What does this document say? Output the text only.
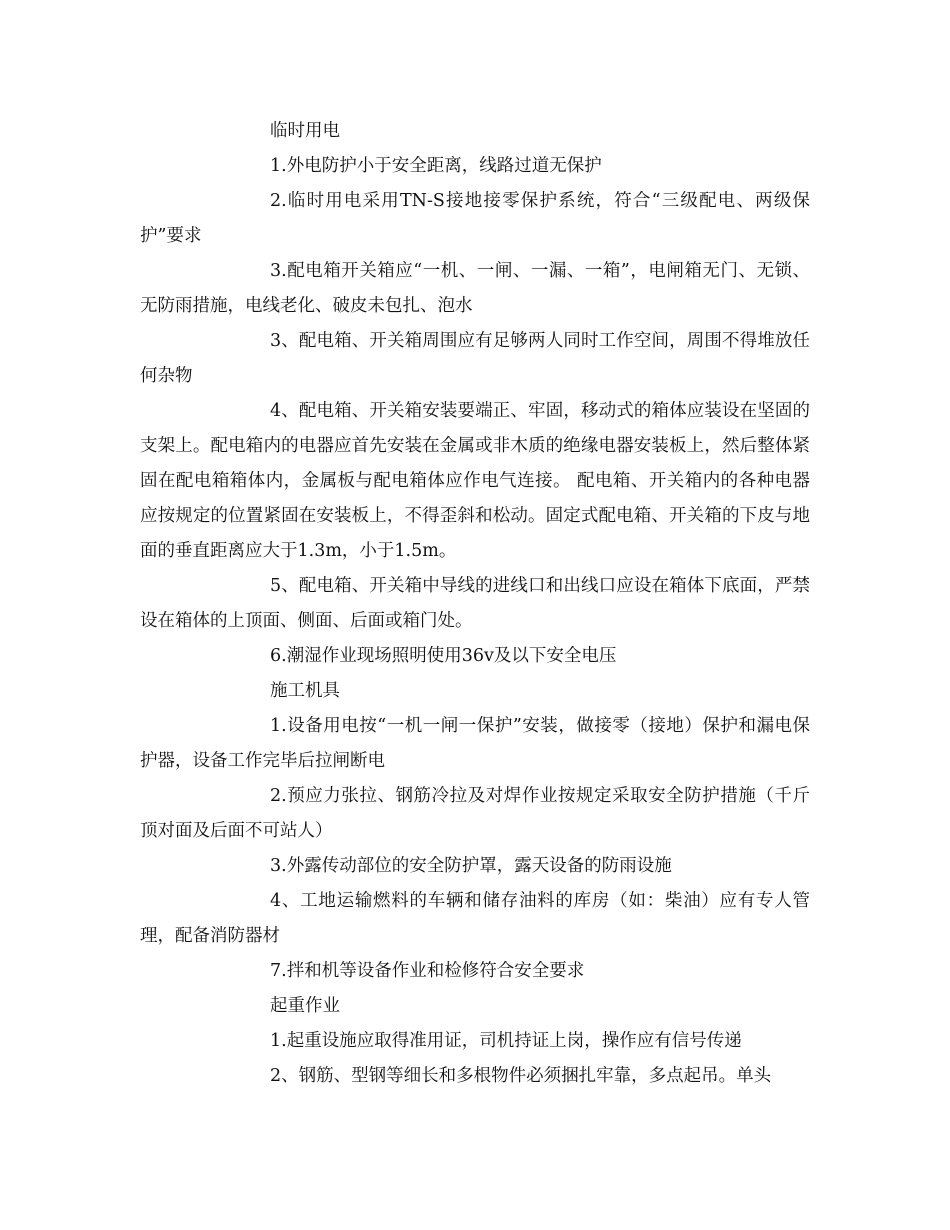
临时用电

1.外电防护小于安全距离，线路过道无保护

2.临时用电采用TN-S接地接零保护系统，符合“三级配电、两级保护”要求

3.配电箱开关箱应“一机、一闸、一漏、一箱”，电闸箱无门、无锁、无防雨措施，电线老化、破皮未包扎、泡水

3、配电箱、开关箱周围应有足够两人同时工作空间，周围不得堆放任何杂物

4、配电箱、开关箱安装要端正、牢固，移动式的箱体应装设在坚固的支架上。配电箱内的电器应首先安装在金属或非木质的绝缘电器安装板上，然后整体紧固在配电箱箱体内，金属板与配电箱体应作电气连接。 配电箱、开关箱内的各种电器应按规定的位置紧固在安装板上，不得歪斜和松动。固定式配电箱、开关箱的下皮与地面的垂直距离应大于1.3m，小于1.5m。

5、配电箱、开关箱中导线的进线口和出线口应设在箱体下底面，严禁设在箱体的上顶面、侧面、后面或箱门处。

6.潮湿作业现场照明使用36v及以下安全电压

施工机具

1.设备用电按“一机一闸一保护”安装，做接零（接地）保护和漏电保护器，设备工作完毕后拉闸断电

2.预应力张拉、钢筋冷拉及对焊作业按规定采取安全防护措施（千斤顶对面及后面不可站人）

3.外露传动部位的安全防护罩，露天设备的防雨设施

4、工地运输燃料的车辆和储存油料的库房（如：柴油）应有专人管理，配备消防器材

7.拌和机等设备作业和检修符合安全要求

起重作业

1.起重设施应取得准用证，司机持证上岗，操作应有信号传递

2、钢筋、型钢等细长和多根物件必须捆扎牢靠，多点起吊。单头
